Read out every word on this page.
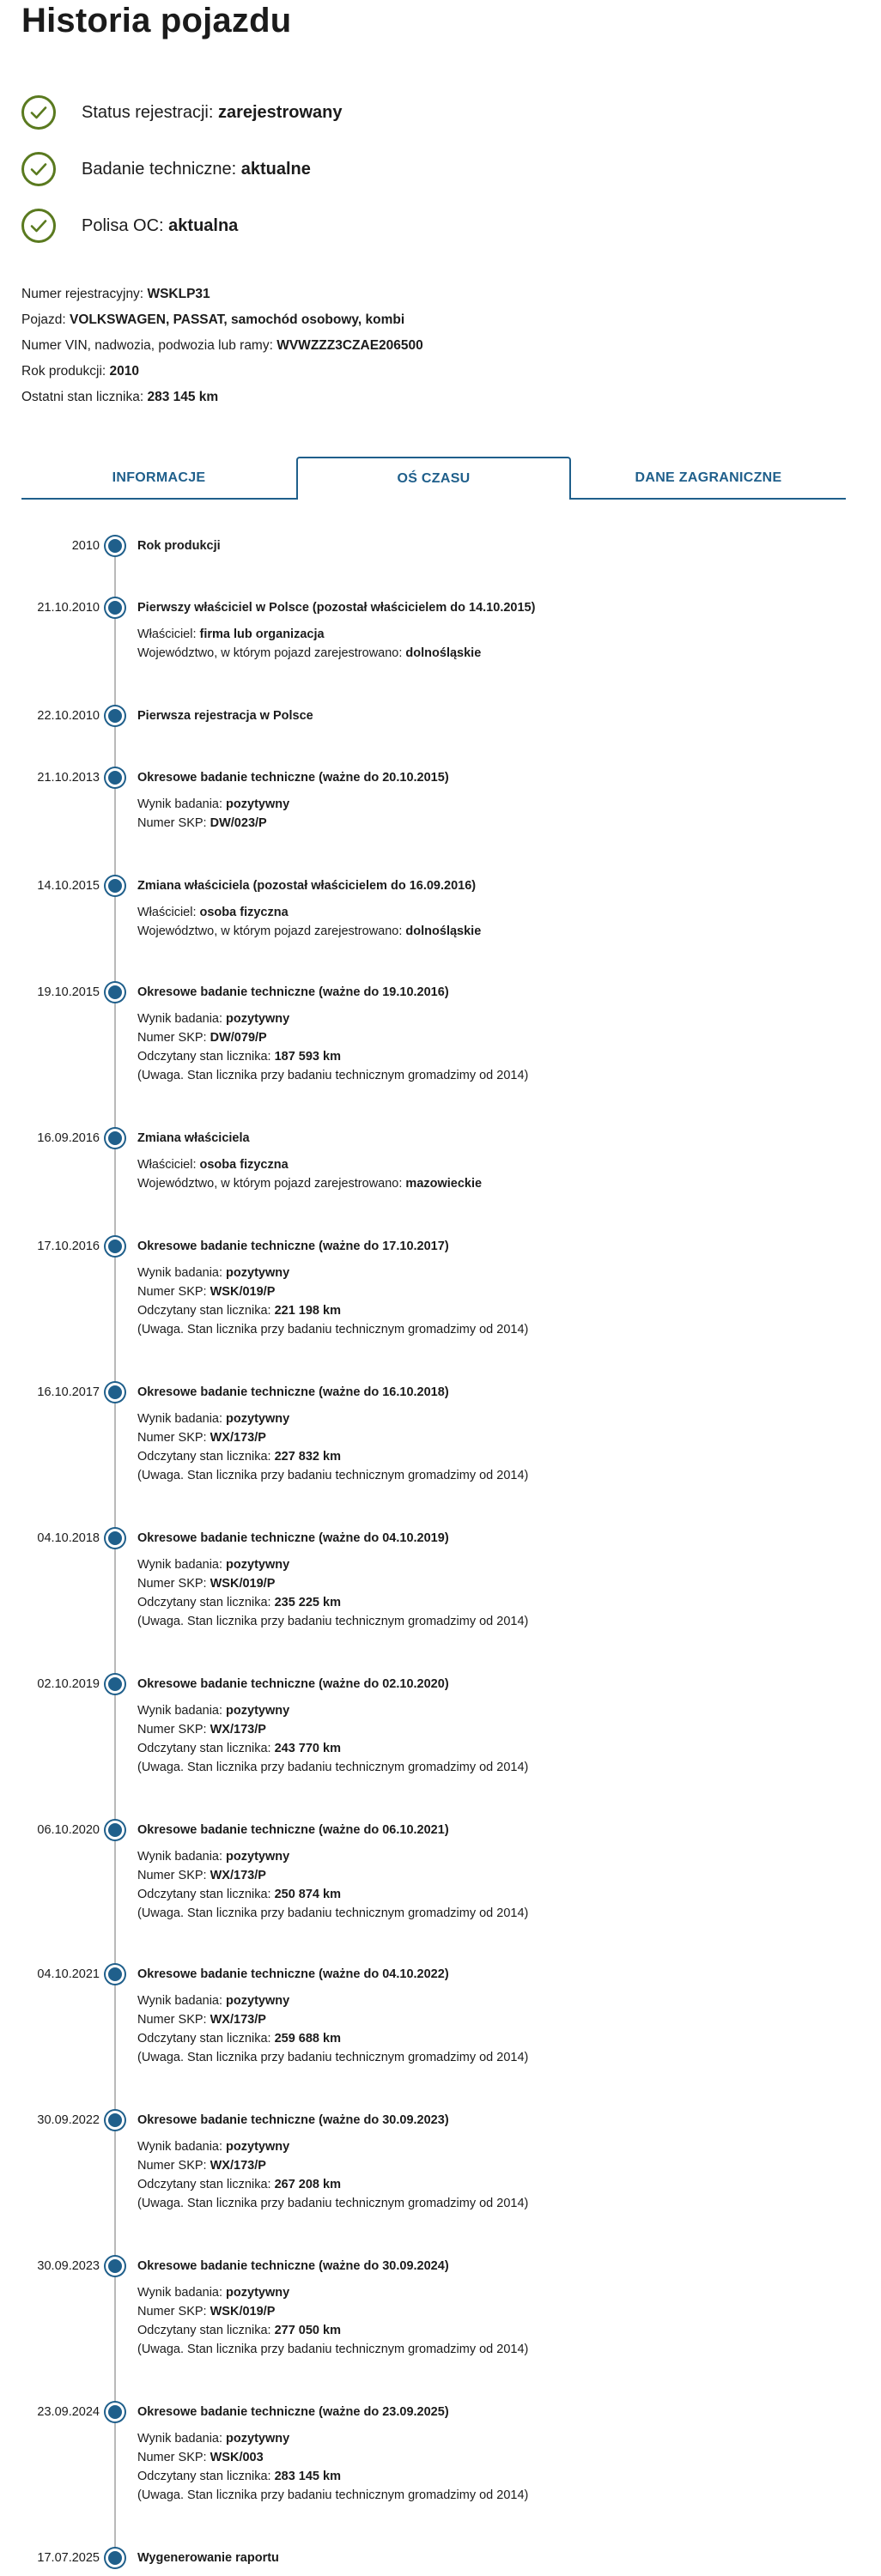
Historia pojazdu
Status rejestracji: zarejestrowany
Badanie techniczne: aktualne
Polisa OC: aktualna
Numer rejestracyjny: WSKLP31
Pojazd: VOLKSWAGEN, PASSAT, samochód osobowy, kombi
Numer VIN, nadwozia, podwozia lub ramy: WVWZZZ3CZAE206500
Rok produkcji: 2010
Ostatni stan licznika: 283 145 km
INFORMACJE	OŚ CZASU	DANE ZAGRANICZNE
2010	Rok produkcji
21.10.2010	Pierwszy właściciel w Polsce (pozostał właścicielem do 14.10.2015)
Właściciel: firma lub organizacja
Województwo, w którym pojazd zarejestrowano: dolnośląskie
22.10.2010	Pierwsza rejestracja w Polsce
21.10.2013	Okresowe badanie techniczne (ważne do 20.10.2015)
Wynik badania: pozytywny
Numer SKP: DW/023/P
14.10.2015	Zmiana właściciela (pozostał właścicielem do 16.09.2016)
Właściciel: osoba fizyczna
Województwo, w którym pojazd zarejestrowano: dolnośląskie
19.10.2015	Okresowe badanie techniczne (ważne do 19.10.2016)
Wynik badania: pozytywny
Numer SKP: DW/079/P
Odczytany stan licznika: 187 593 km
(Uwaga. Stan licznika przy badaniu technicznym gromadzimy od 2014)
16.09.2016	Zmiana właściciela
Właściciel: osoba fizyczna
Województwo, w którym pojazd zarejestrowano: mazowieckie
17.10.2016	Okresowe badanie techniczne (ważne do 17.10.2017)
Wynik badania: pozytywny
Numer SKP: WSK/019/P
Odczytany stan licznika: 221 198 km
(Uwaga. Stan licznika przy badaniu technicznym gromadzimy od 2014)
16.10.2017	Okresowe badanie techniczne (ważne do 16.10.2018)
Wynik badania: pozytywny
Numer SKP: WX/173/P
Odczytany stan licznika: 227 832 km
(Uwaga. Stan licznika przy badaniu technicznym gromadzimy od 2014)
04.10.2018	Okresowe badanie techniczne (ważne do 04.10.2019)
Wynik badania: pozytywny
Numer SKP: WSK/019/P
Odczytany stan licznika: 235 225 km
(Uwaga. Stan licznika przy badaniu technicznym gromadzimy od 2014)
02.10.2019	Okresowe badanie techniczne (ważne do 02.10.2020)
Wynik badania: pozytywny
Numer SKP: WX/173/P
Odczytany stan licznika: 243 770 km
(Uwaga. Stan licznika przy badaniu technicznym gromadzimy od 2014)
06.10.2020	Okresowe badanie techniczne (ważne do 06.10.2021)
Wynik badania: pozytywny
Numer SKP: WX/173/P
Odczytany stan licznika: 250 874 km
(Uwaga. Stan licznika przy badaniu technicznym gromadzimy od 2014)
04.10.2021	Okresowe badanie techniczne (ważne do 04.10.2022)
Wynik badania: pozytywny
Numer SKP: WX/173/P
Odczytany stan licznika: 259 688 km
(Uwaga. Stan licznika przy badaniu technicznym gromadzimy od 2014)
30.09.2022	Okresowe badanie techniczne (ważne do 30.09.2023)
Wynik badania: pozytywny
Numer SKP: WX/173/P
Odczytany stan licznika: 267 208 km
(Uwaga. Stan licznika przy badaniu technicznym gromadzimy od 2014)
30.09.2023	Okresowe badanie techniczne (ważne do 30.09.2024)
Wynik badania: pozytywny
Numer SKP: WSK/019/P
Odczytany stan licznika: 277 050 km
(Uwaga. Stan licznika przy badaniu technicznym gromadzimy od 2014)
23.09.2024	Okresowe badanie techniczne (ważne do 23.09.2025)
Wynik badania: pozytywny
Numer SKP: WSK/003
Odczytany stan licznika: 283 145 km
(Uwaga. Stan licznika przy badaniu technicznym gromadzimy od 2014)
17.07.2025	Wygenerowanie raportu
